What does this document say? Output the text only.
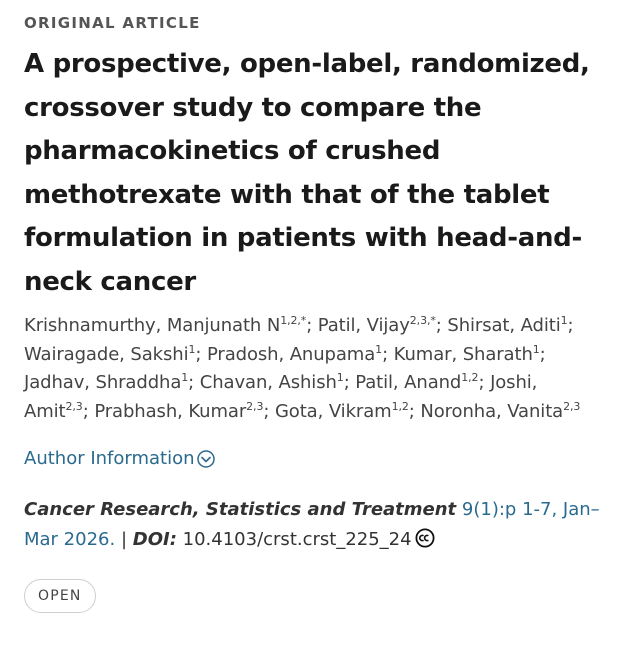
ORIGINAL ARTICLE

A prospective, open-label, randomized, crossover study to compare the pharmacokinetics of crushed methotrexate with that of the tablet formulation in patients with head-and-neck cancer

Krishnamurthy, Manjunath $N^{1,2,*}$; Patil, Vijay$^{2,3,*}$; Shirsat, Aditi$^1$; Wairagade, Sakshi$^1$; Pradosh, Anupama$^1$; Kumar, Sharath$^1$; Jadhav, Shraddha$^1$; Chavan, Ashish$^1$; Patil, Anand$^{1,2}$; Joshi, Amit$^{2,3}$; Prabhash, Kumar$^{2,3}$; Gota, Vikram$^{1,2}$; Noronha, Vanita$^{2,3}$

Author Information
Cancer Research, Statistics and Treatment 9(1):p 1-7, Jan–Mar 2026. | DOI: 10.4103/crst.crst_225_24
OPEN
